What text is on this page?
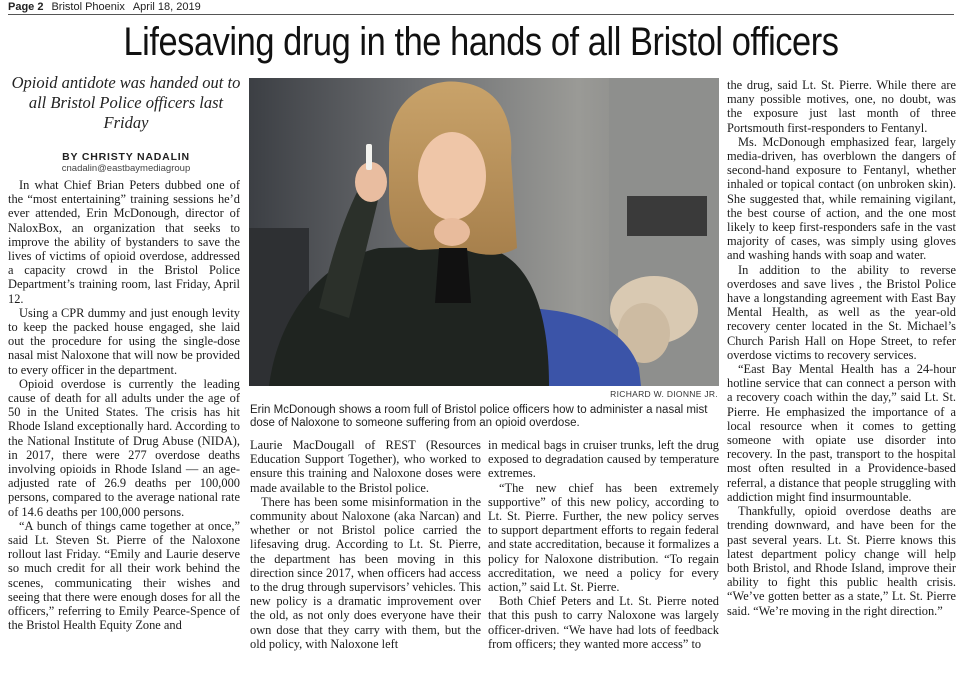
Page 2 Bristol Phoenix April 18, 2019
Lifesaving drug in the hands of all Bristol officers
Opioid antidote was handed out to all Bristol Police officers last Friday
BY CHRISTY NADALIN
cnadalin@eastbaymediagroup

In what Chief Brian Peters dubbed one of the “most entertaining” training sessions he’d ever attended, Erin McDonough, director of NaloxBox, an organization that seeks to improve the ability of bystanders to save the lives of victims of opioid overdose, addressed a capacity crowd in the Bristol Police Department’s training room, last Friday, April 12.

Using a CPR dummy and just enough levity to keep the packed house engaged, she laid out the procedure for using the single-dose nasal mist Naloxone that will now be provided to every officer in the department.

Opioid overdose is currently the leading cause of death for all adults under the age of 50 in the United States. The crisis has hit Rhode Island exceptionally hard. According to the National Institute of Drug Abuse (NIDA), in 2017, there were 277 overdose deaths involving opioids in Rhode Island — an age-adjusted rate of 26.9 deaths per 100,000 persons, compared to the average national rate of 14.6 deaths per 100,000 persons.

“A bunch of things came together at once,” said Lt. Steven St. Pierre of the Naloxone rollout last Friday. “Emily and Laurie deserve so much credit for all their work behind the scenes, communicating their wishes and seeing that there were enough doses for all the officers,” referring to Emily Pearce-Spence of the Bristol Health Equity Zone and

RICHARD W. DIONNE JR.
Erin McDonough shows a room full of Bristol police officers how to administer a nasal mist dose of Naloxone to someone suffering from an opioid overdose.

Laurie MacDougall of REST (Resources Education Support Together), who worked to ensure this training and Naloxone doses were made available to the Bristol police.

There has been some misinformation in the community about Naloxone (aka Narcan) and whether or not Bristol police carried the lifesaving drug. According to Lt. St. Pierre, the department has been moving in this direction since 2017, when officers had access to the drug through supervisors’ vehicles. This new policy is a dramatic improvement over the old, as not only does everyone have their own dose that they carry with them, but the old policy, with Naloxone left

in medical bags in cruiser trunks, left the drug exposed to degradation caused by temperature extremes.

“The new chief has been extremely supportive” of this new policy, according to Lt. St. Pierre. Further, the new policy serves to support department efforts to regain federal and state accreditation, because it formalizes a policy for Naloxone distribution. “To regain accreditation, we need a policy for every action,” said Lt. St. Pierre.

Both Chief Peters and Lt. St. Pierre noted that this push to carry Naloxone was largely officer-driven. “We have had lots of feedback from officers; they wanted more access” to

the drug, said Lt. St. Pierre. While there are many possible motives, one, no doubt, was the exposure just last month of three Portsmouth first-responders to Fentanyl.

Ms. McDonough emphasized fear, largely media-driven, has overblown the dangers of second-hand exposure to Fentanyl, whether inhaled or topical contact (on unbroken skin). She suggested that, while remaining vigilant, the best course of action, and the one most likely to keep first-responders safe in the vast majority of cases, was simply using gloves and washing hands with soap and water.

In addition to the ability to reverse overdoses and save lives , the Bristol Police have a longstanding agreement with East Bay Mental Health, as well as the year-old recovery center located in the St. Michael’s Church Parish Hall on Hope Street, to refer overdose victims to recovery services.

“East Bay Mental Health has a 24-hour hotline service that can connect a person with a recovery coach within the day,” said Lt. St. Pierre. He emphasized the importance of a local resource when it comes to getting someone with opiate use disorder into recovery. In the past, transport to the hospital most often resulted in a Providence-based referral, a distance that people struggling with addiction might find insurmountable.

Thankfully, opioid overdose deaths are trending downward, and have been for the past several years. Lt. St. Pierre knows this latest department policy change will help both Bristol, and Rhode Island, improve their ability to fight this public health crisis. “We’ve gotten better as a state,” Lt. St. Pierre said. “We’re moving in the right direction.”
